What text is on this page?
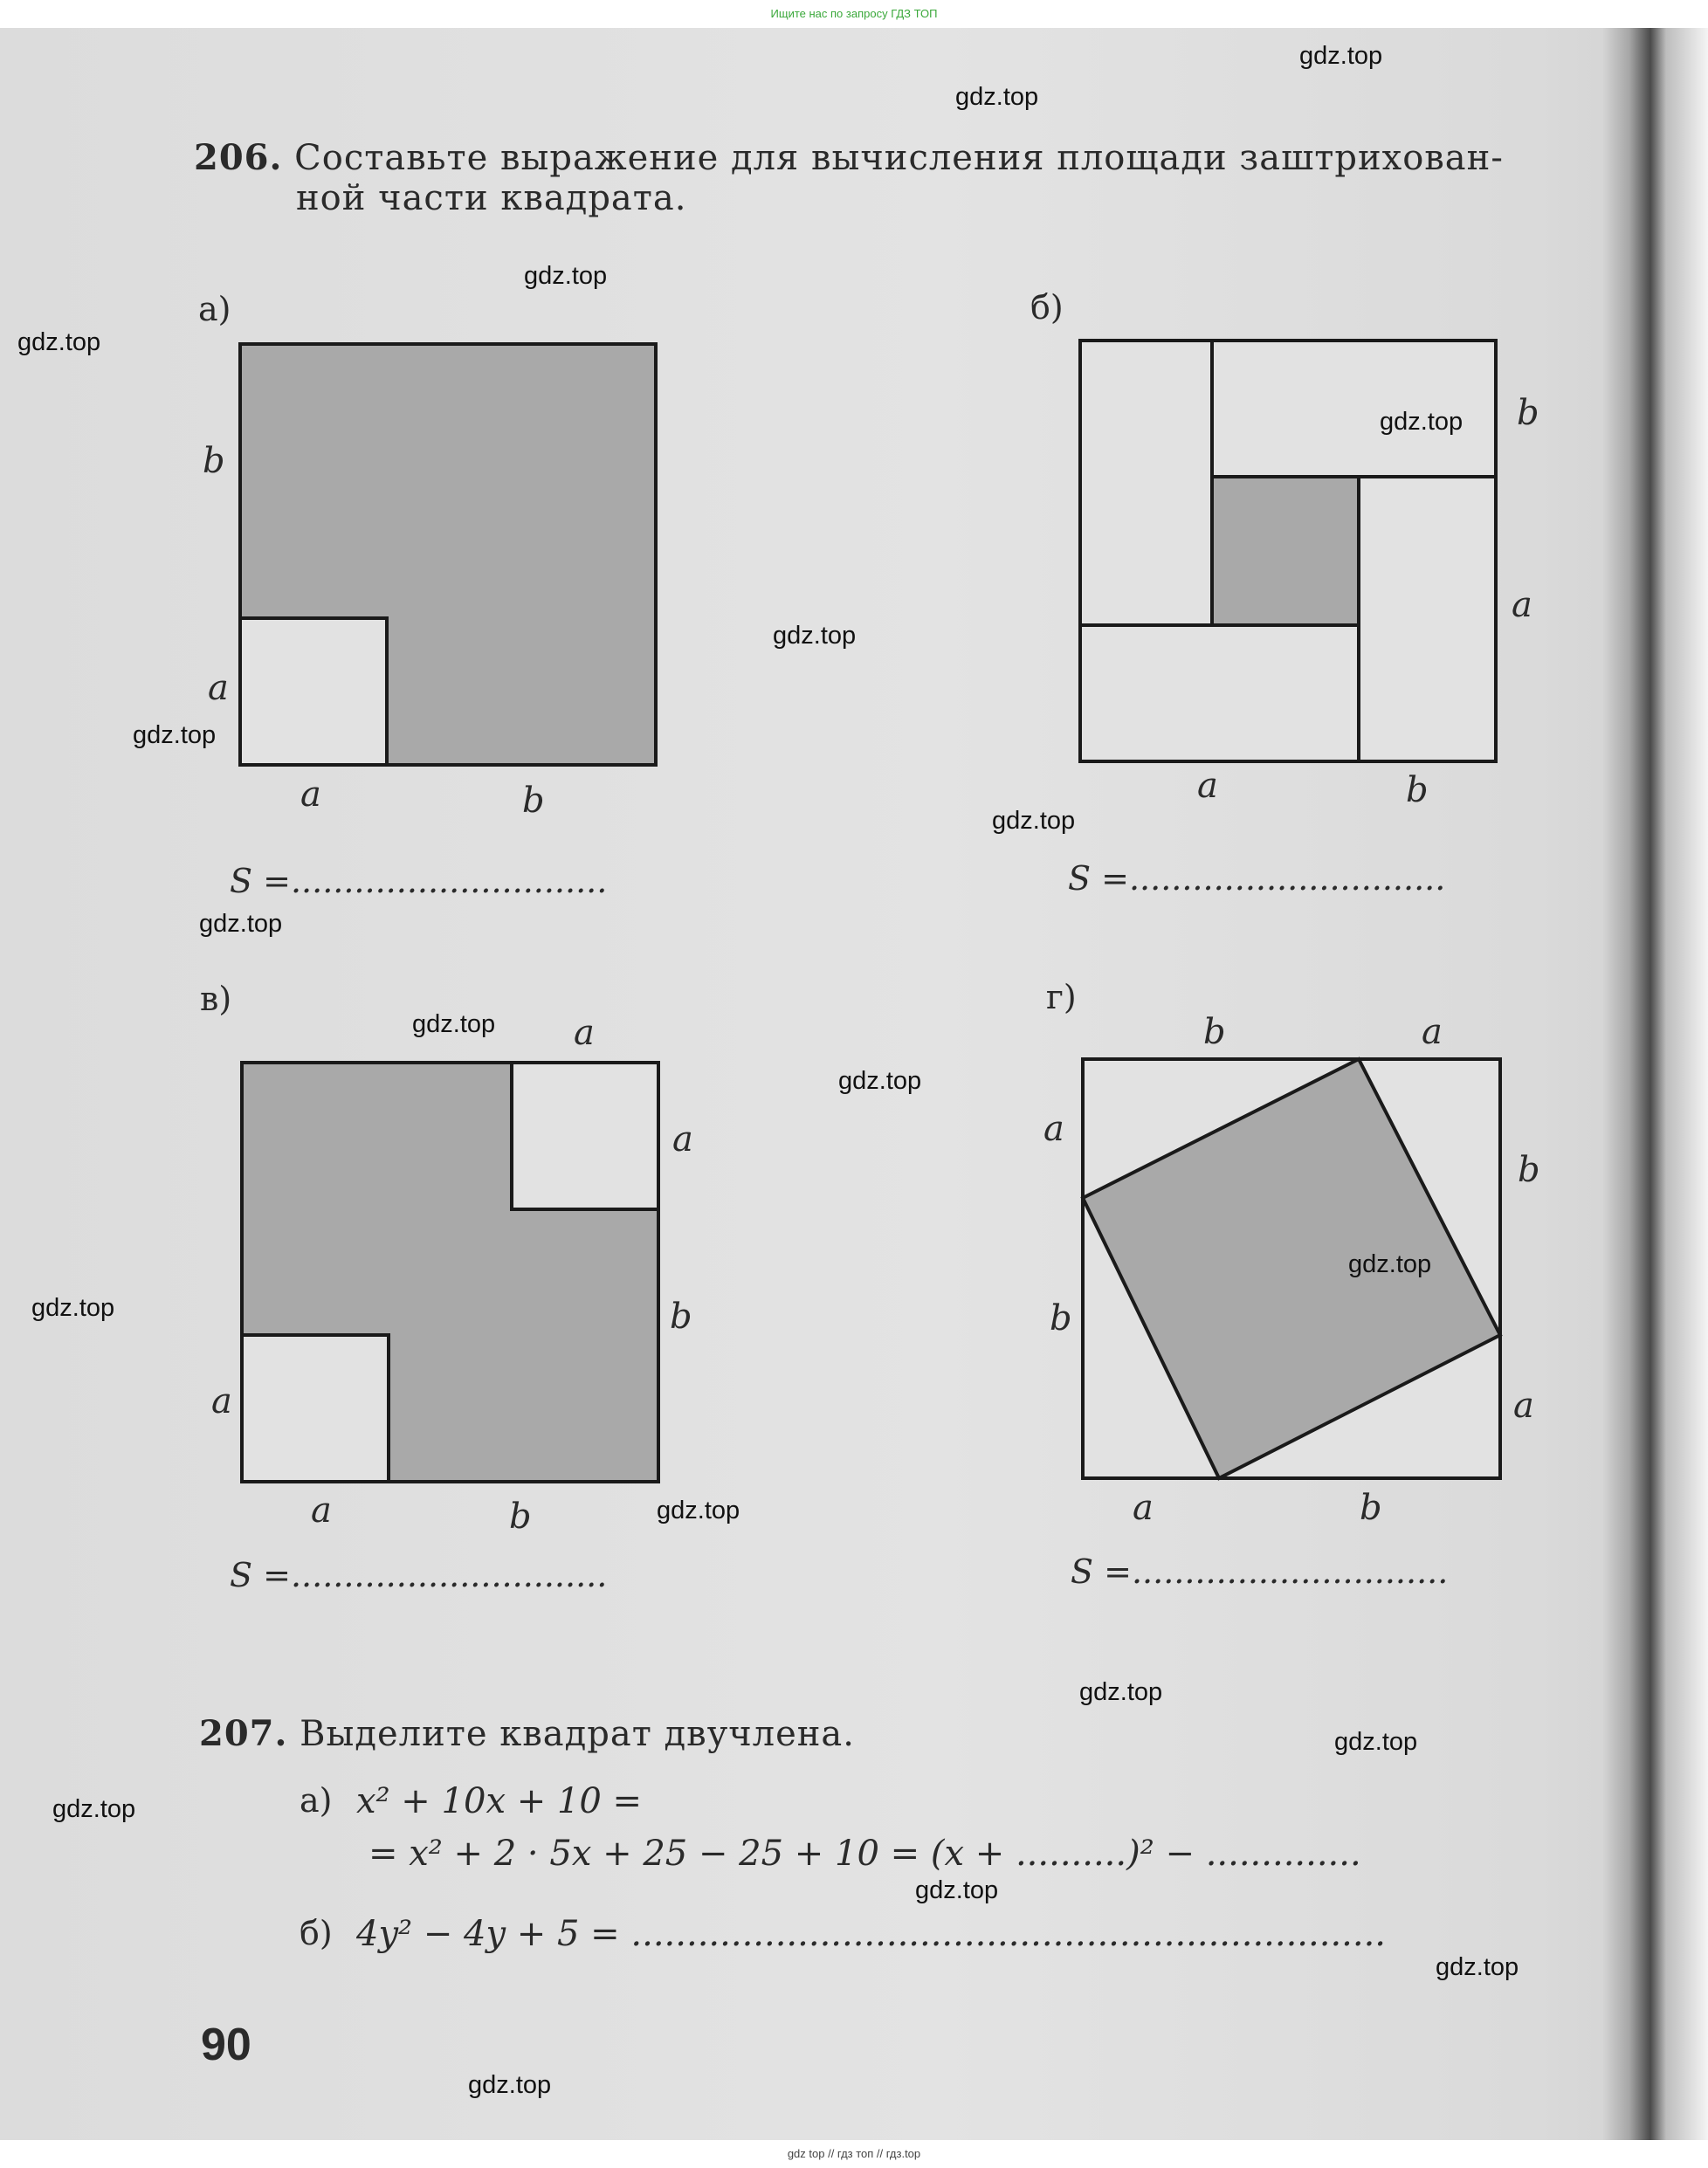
Ищите нас по запросу ГДЗ ТОП
206. Составьте выражение для вычисления площади заштрихован-
ной части квадрата.
а)	б)
в)	г)
b
a
a	b
b
a
a	b
a
a
b
a
a	b
b	a
a
b
b
a
a	b
S =..............................	S =..............................
S =..............................	S =..............................
207. Выделите квадрат двучлена.
а) x² + 10x + 10 =
= x² + 2 · 5x + 25 − 25 + 10 = (x + ..........)² − ..............
б) 4y² − 4y + 5 = ....................................................................
90
gdz.top
gdz.top
gdz.top
gdz.top
gdz.top
gdz.top
gdz.top
gdz.top
gdz.top
gdz.top
gdz.top
gdz.top
gdz.top
gdz.top
gdz.top
gdz.top
gdz.top
gdz.top
gdz.top
gdz.top
gdz top // гдз топ // гдз.top
